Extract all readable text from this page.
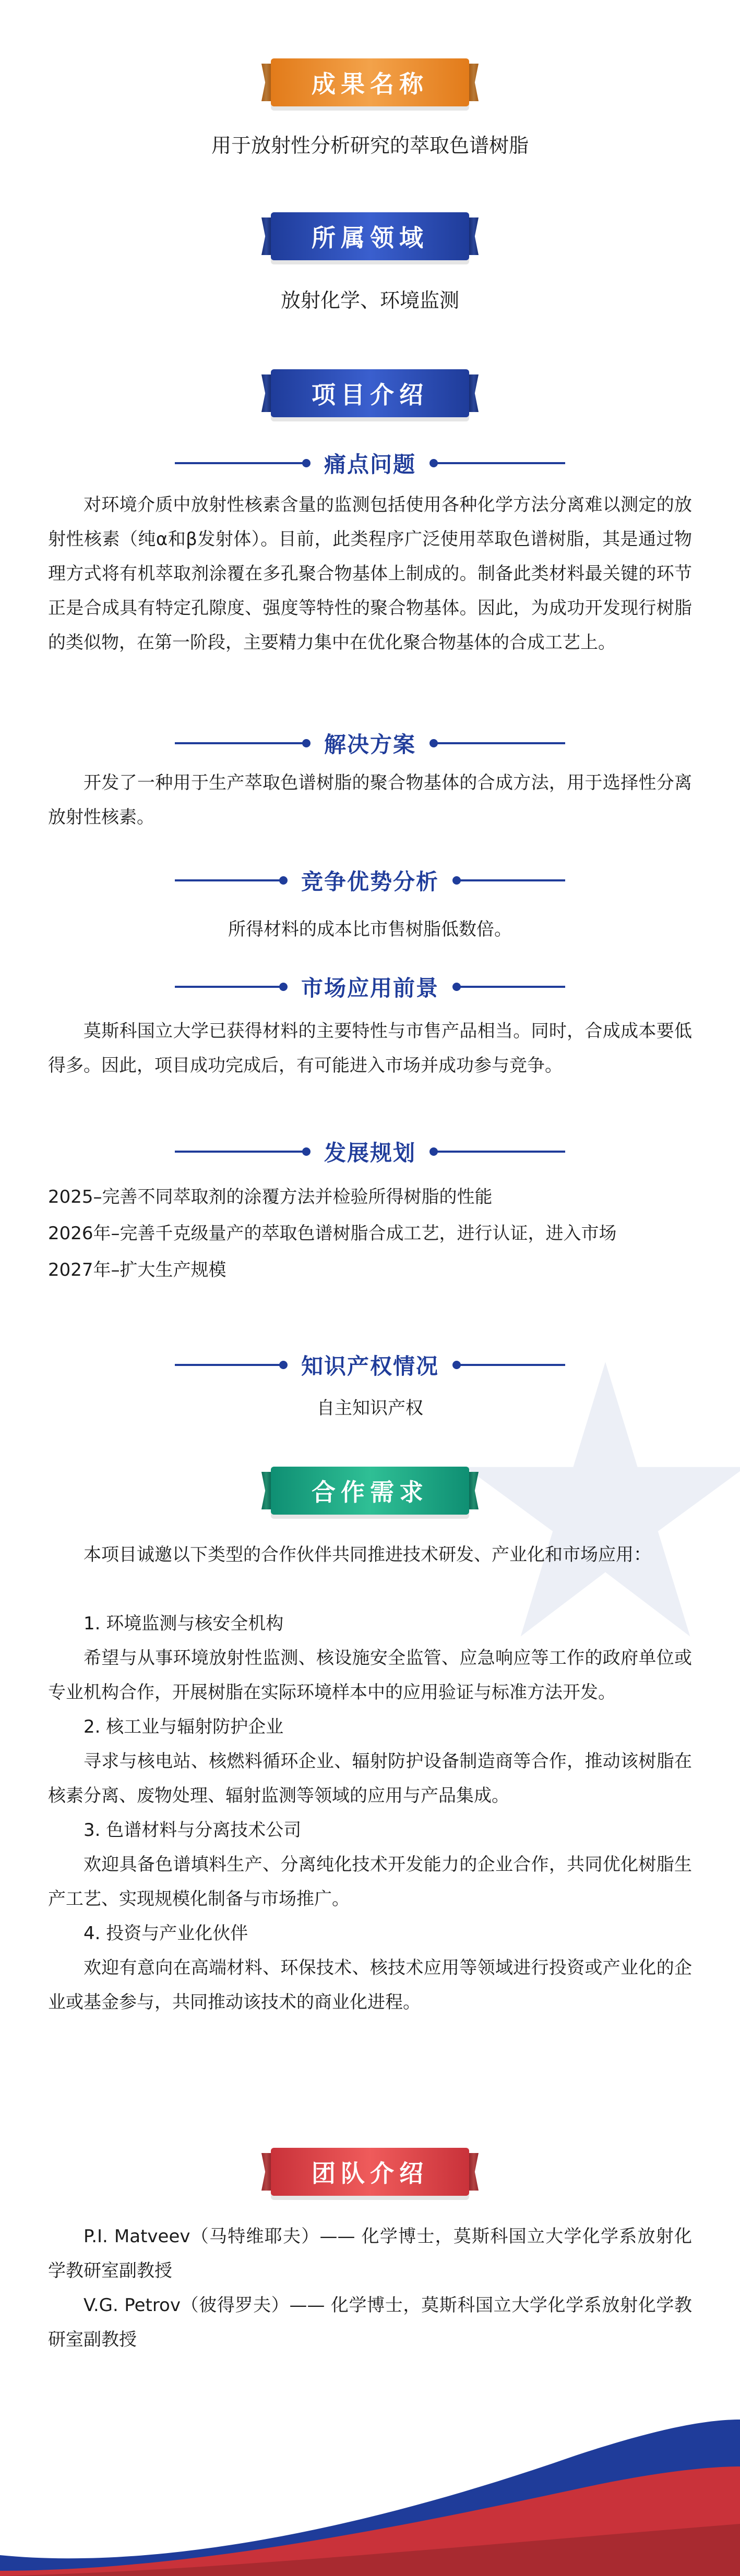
成果名称
用于放射性分析研究的萃取色谱树脂
所属领域
放射化学、环境监测
项目介绍
痛点问题
对环境介质中放射性核素含量的监测包括使用各种化学方法分离难以测定的放射性核素（纯α和β发射体）。目前，此类程序广泛使用萃取色谱树脂，其是通过物理方式将有机萃取剂涂覆在多孔聚合物基体上制成的。制备此类材料最关键的环节正是合成具有特定孔隙度、强度等特性的聚合物基体。因此，为成功开发现行树脂的类似物，在第一阶段，主要精力集中在优化聚合物基体的合成工艺上。
解决方案
开发了一种用于生产萃取色谱树脂的聚合物基体的合成方法，用于选择性分离放射性核素。
竞争优势分析
所得材料的成本比市售树脂低数倍。
市场应用前景
莫斯科国立大学已获得材料的主要特性与市售产品相当。同时，合成成本要低得多。因此，项目成功完成后，有可能进入市场并成功参与竞争。
发展规划
2025–完善不同萃取剂的涂覆方法并检验所得树脂的性能
2026年–完善千克级量产的萃取色谱树脂合成工艺，进行认证，进入市场
2027年–扩大生产规模
知识产权情况
自主知识产权
合作需求
本项目诚邀以下类型的合作伙伴共同推进技术研发、产业化和市场应用：
1. 环境监测与核安全机构
希望与从事环境放射性监测、核设施安全监管、应急响应等工作的政府单位或专业机构合作，开展树脂在实际环境样本中的应用验证与标准方法开发。
2. 核工业与辐射防护企业
寻求与核电站、核燃料循环企业、辐射防护设备制造商等合作，推动该树脂在核素分离、废物处理、辐射监测等领域的应用与产品集成。
3. 色谱材料与分离技术公司
欢迎具备色谱填料生产、分离纯化技术开发能力的企业合作，共同优化树脂生产工艺、实现规模化制备与市场推广。
4. 投资与产业化伙伴
欢迎有意向在高端材料、环保技术、核技术应用等领域进行投资或产业化的企业或基金参与，共同推动该技术的商业化进程。
团队介绍
P.I. Matveev（马特维耶夫）—— 化学博士，莫斯科国立大学化学系放射化学教研室副教授
V.G. Petrov（彼得罗夫）—— 化学博士，莫斯科国立大学化学系放射化学教研室副教授
